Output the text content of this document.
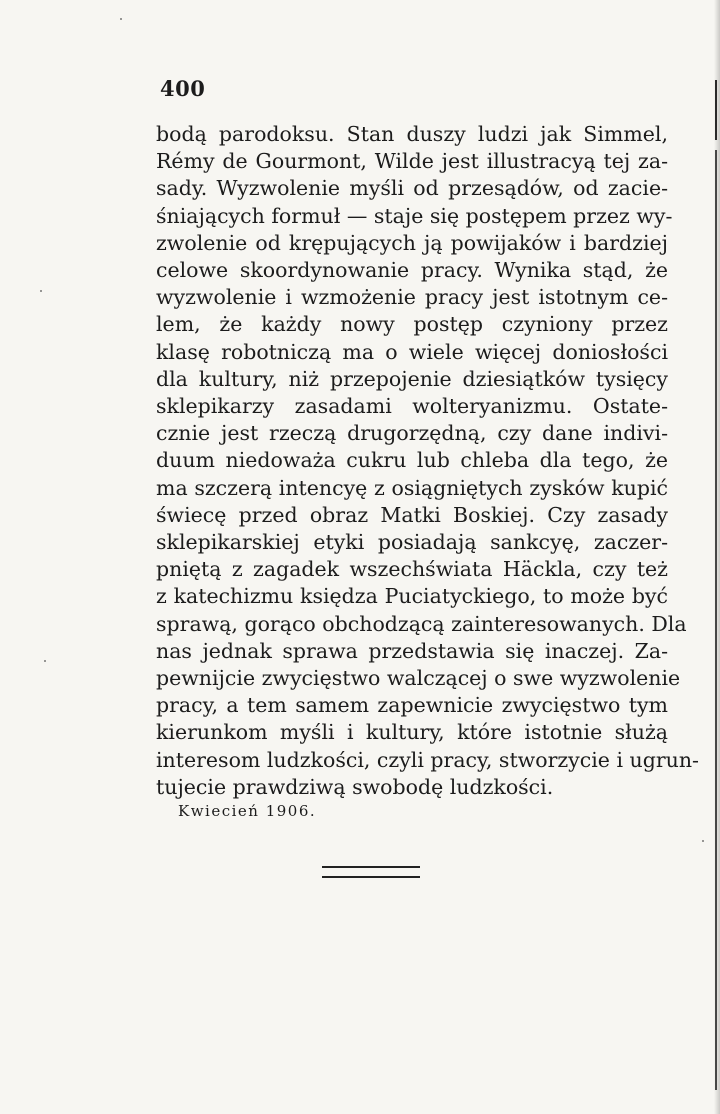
400
bodą parodoksu. Stan duszy ludzi jak Simmel,
Rémy de Gourmont, Wilde jest illustracyą tej za-
sady. Wyzwolenie myśli od przesądów, od zacie-
śniających formuł — staje się postępem przez wy-
zwolenie od krępujących ją powijaków i bardziej
celowe skoordynowanie pracy. Wynika stąd, że
wyzwolenie i wzmożenie pracy jest istotnym ce-
lem, że każdy nowy postęp czyniony przez
klasę robotniczą ma o wiele więcej doniosłości
dla kultury, niż przepojenie dziesiątków tysięcy
sklepikarzy zasadami wolteryanizmu. Ostate-
cznie jest rzeczą drugorzędną, czy dane indivi-
duum niedoważa cukru lub chleba dla tego, że
ma szczerą intencyę z osiągniętych zysków kupić
świecę przed obraz Matki Boskiej. Czy zasady
sklepikarskiej etyki posiadają sankcyę, zaczer-
pniętą z zagadek wszechświata Häckla, czy też
z katechizmu księdza Puciatyckiego, to może być
sprawą, gorąco obchodzącą zainteresowanych. Dla
nas jednak sprawa przedstawia się inaczej. Za-
pewnijcie zwycięstwo walczącej o swe wyzwolenie
pracy, a tem samem zapewnicie zwycięstwo tym
kierunkom myśli i kultury, które istotnie służą
interesom ludzkości, czyli pracy, stworzycie i ugrun-
tujecie prawdziwą swobodę ludzkości.
Kwiecień 1906.
